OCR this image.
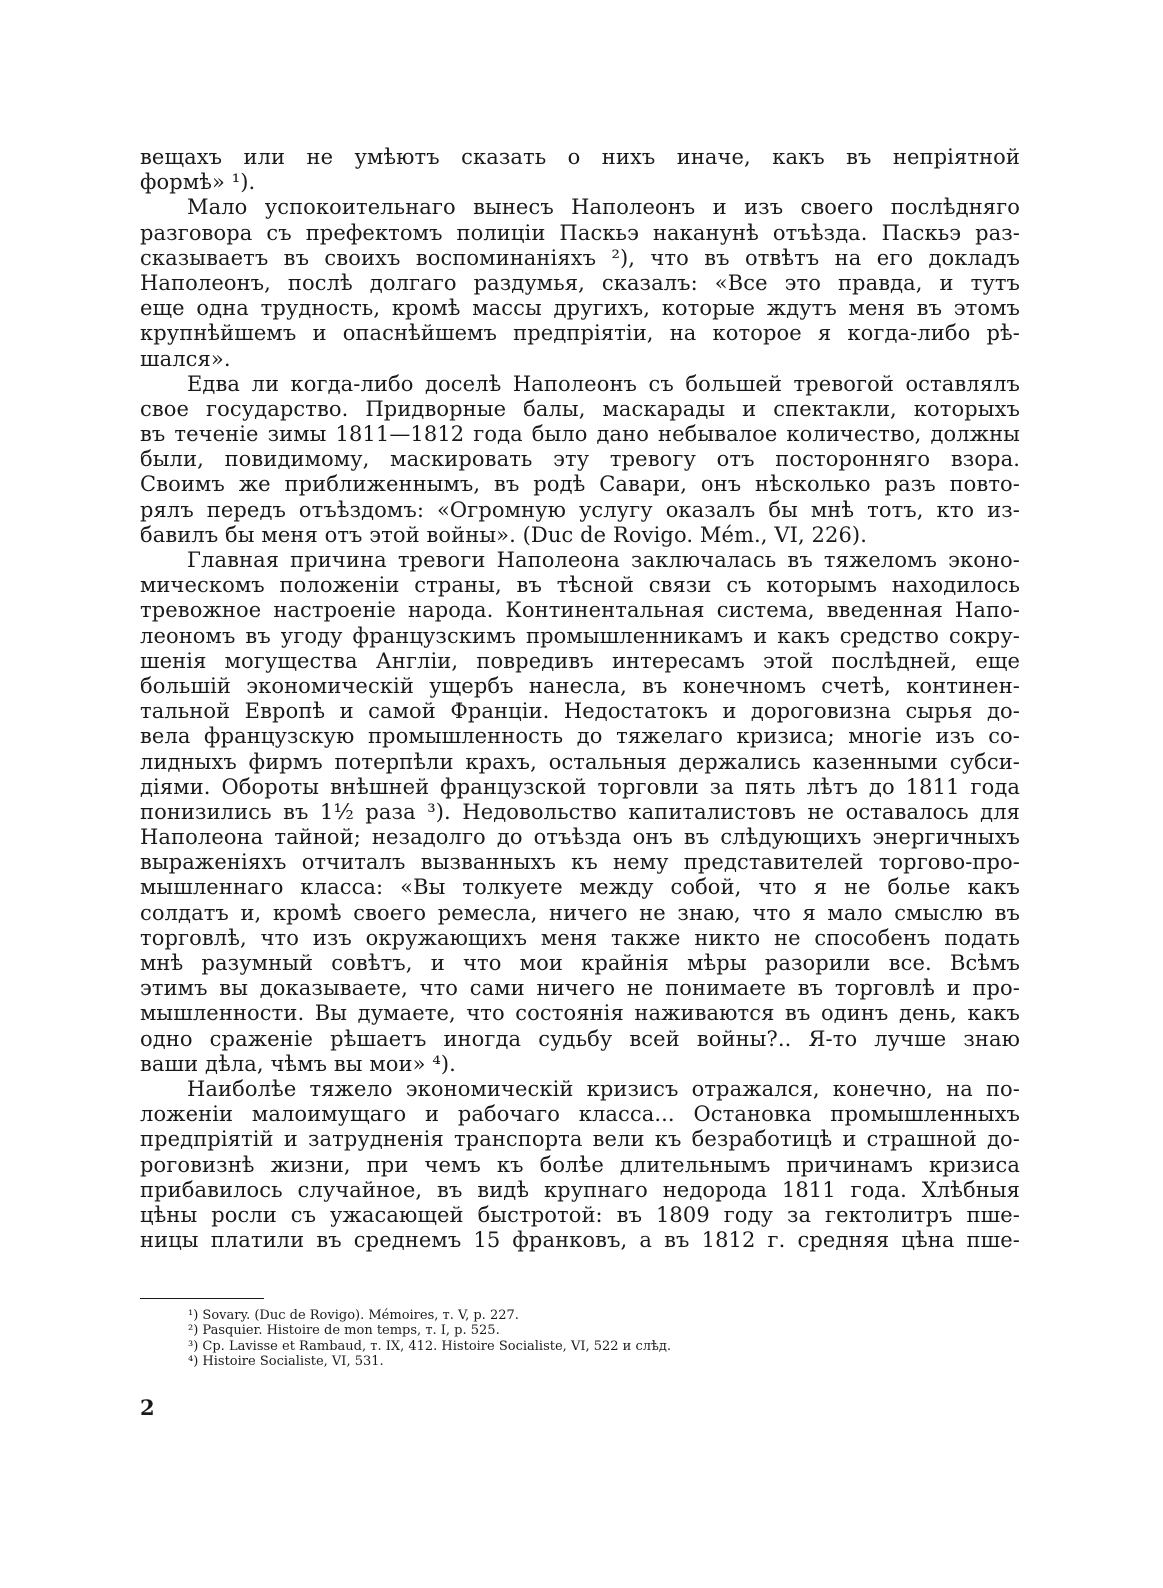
вещахъ или не умѣютъ сказать о нихъ иначе, какъ въ непріятной
формѣ» ¹).
Мало успокоительнаго вынесъ Наполеонъ и изъ своего послѣдняго
разговора съ префектомъ полиціи Паскьэ наканунѣ отъѣзда. Паскьэ раз-
сказываетъ въ своихъ воспоминаніяхъ ²), что въ отвѣтъ на его докладъ
Наполеонъ, послѣ долгаго раздумья, сказалъ: «Все это правда, и тутъ
еще одна трудность, кромѣ массы другихъ, которые ждутъ меня въ этомъ
крупнѣйшемъ и опаснѣйшемъ предпріятіи, на которое я когда-либо рѣ-
шался».
Едва ли когда-либо доселѣ Наполеонъ съ большей тревогой оставлялъ
свое государство. Придворные балы, маскарады и спектакли, которыхъ
въ теченіе зимы 1811—1812 года было дано небывалое количество, должны
были, повидимому, маскировать эту тревогу отъ посторонняго взора.
Своимъ же приближеннымъ, въ родѣ Савари, онъ нѣсколько разъ повто-
рялъ передъ отъѣздомъ: «Огромную услугу оказалъ бы мнѣ тотъ, кто из-
бавилъ бы меня отъ этой войны». (Duc de Rovigo. Mém., VI, 226).
Главная причина тревоги Наполеона заключалась въ тяжеломъ эконо-
мическомъ положеніи страны, въ тѣсной связи съ которымъ находилось
тревожное настроеніе народа. Континентальная система, введенная Напо-
леономъ въ угоду французскимъ промышленникамъ и какъ средство сокру-
шенія могущества Англіи, повредивъ интересамъ этой послѣдней, еще
большій экономическій ущербъ нанесла, въ конечномъ счетѣ, континен-
тальной Европѣ и самой Франціи. Недостатокъ и дороговизна сырья до-
вела французскую промышленность до тяжелаго кризиса; многіе изъ со-
лидныхъ фирмъ потерпѣли крахъ, остальныя держались казенными субси-
діями. Обороты внѣшней французской торговли за пять лѣтъ до 1811 года
понизились въ 1½ раза ³). Недовольство капиталистовъ не оставалось для
Наполеона тайной; незадолго до отъѣзда онъ въ слѣдующихъ энергичныхъ
выраженіяхъ отчиталъ вызванныхъ къ нему представителей торгово-про-
мышленнаго класса: «Вы толкуете между собой, что я не болье какъ
солдатъ и, кромѣ своего ремесла, ничего не знаю, что я мало смыслю въ
торговлѣ, что изъ окружающихъ меня также никто не способенъ подать
мнѣ разумный совѣтъ, и что мои крайнія мѣры разорили все. Всѣмъ
этимъ вы доказываете, что сами ничего не понимаете въ торговлѣ и про-
мышленности. Вы думаете, что состоянія наживаются въ одинъ день, какъ
одно сраженіе рѣшаетъ иногда судьбу всей войны?.. Я-то лучше знаю
ваши дѣла, чѣмъ вы мои» ⁴).
Наиболѣе тяжело экономическій кризисъ отражался, конечно, на по-
ложеніи малоимущаго и рабочаго класса... Остановка промышленныхъ
предпріятій и затрудненія транспорта вели къ безработицѣ и страшной до-
роговизнѣ жизни, при чемъ къ болѣе длительнымъ причинамъ кризиса
прибавилось случайное, въ видѣ крупнаго недорода 1811 года. Хлѣбныя
цѣны росли съ ужасающей быстротой: въ 1809 году за гектолитръ пше-
ницы платили въ среднемъ 15 франковъ, а въ 1812 г. средняя цѣна пше-
¹) Sovary. (Duc de Rovigo). Mémoires, т. V, p. 227.
²) Pasquier. Histoire de mon temps, т. I, p. 525.
³) Cp. Lavisse et Rambaud, т. IX, 412. Histoire Socialiste, VI, 522 и слѣд.
⁴) Histoire Socialiste, VI, 531.
2
